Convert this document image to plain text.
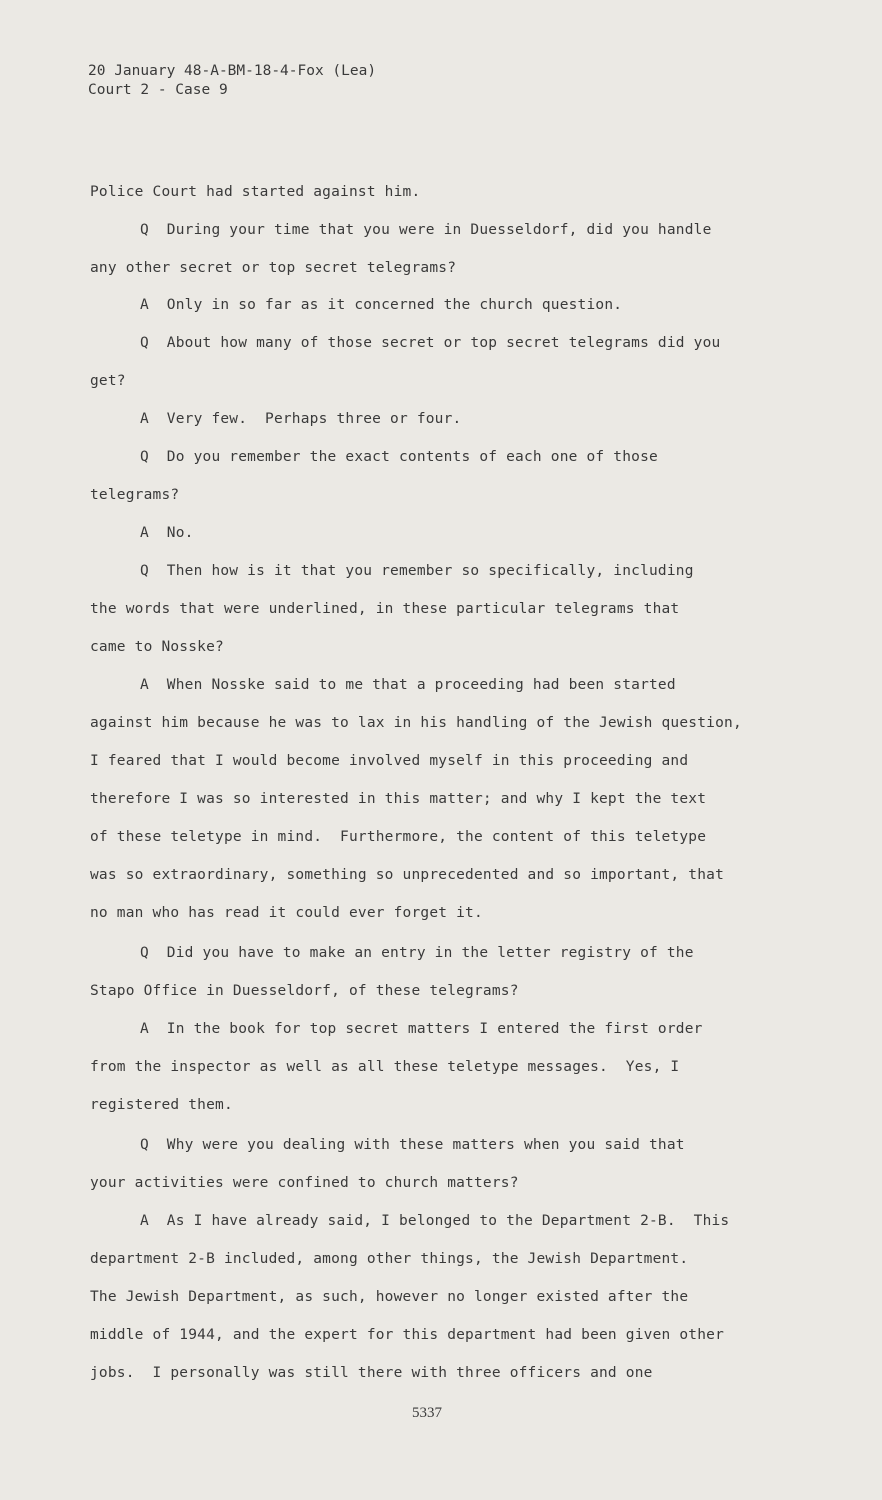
20 January 48-A-BM-18-4-Fox (Lea)
Court 2 - Case 9
Police Court had started against him.
Q  During your time that you were in Duesseldorf, did you handle
any other secret or top secret telegrams?
A  Only in so far as it concerned the church question.
Q  About how many of those secret or top secret telegrams did you
get?
A  Very few.  Perhaps three or four.
Q  Do you remember the exact contents of each one of those
telegrams?
A  No.
Q  Then how is it that you remember so specifically, including
the words that were underlined, in these particular telegrams that
came to Nosske?
A  When Nosske said to me that a proceeding had been started
against him because he was to lax in his handling of the Jewish question,
I feared that I would become involved myself in this proceeding and
therefore I was so interested in this matter; and why I kept the text
of these teletype in mind.  Furthermore, the content of this teletype
was so extraordinary, something so unprecedented and so important, that
no man who has read it could ever forget it.
Q  Did you have to make an entry in the letter registry of the
Stapo Office in Duesseldorf, of these telegrams?
A  In the book for top secret matters I entered the first order
from the inspector as well as all these teletype messages.  Yes, I
registered them.
Q  Why were you dealing with these matters when you said that
your activities were confined to church matters?
A  As I have already said, I belonged to the Department 2-B.  This
department 2-B included, among other things, the Jewish Department.
The Jewish Department, as such, however no longer existed after the
middle of 1944, and the expert for this department had been given other
jobs.  I personally was still there with three officers and one
5337
